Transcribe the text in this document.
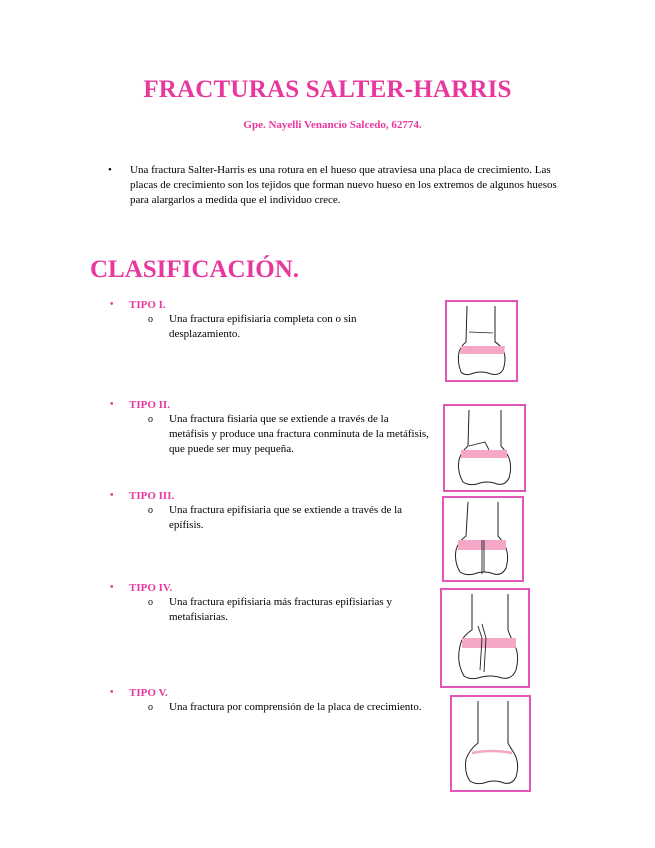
FRACTURAS SALTER-HARRIS
Gpe. Nayelli Venancio Salcedo, 62774.
• Una fractura Salter-Harris es una rotura en el hueso que atraviesa una placa de crecimiento. Las placas de crecimiento son los tejidos que forman nuevo hueso en los extremos de algunos huesos para alargarlos a medida que el individuo crece.

CLASIFICACIÓN.
• TIPO I.
o Una fractura epifisiaria completa con o sin desplazamiento.
• TIPO II.
o Una fractura fisiaria que se extiende a través de la metáfisis y produce una fractura conminuta de la metáfisis, que puede ser muy pequeña.
• TIPO III.
o Una fractura epifisiaria que se extiende a través de la epífisis.
• TIPO IV.
o Una fractura epifisiaria más fracturas epifisiarias y metafisiarias.
• TIPO V.
o Una fractura por comprensión de la placa de crecimiento.
